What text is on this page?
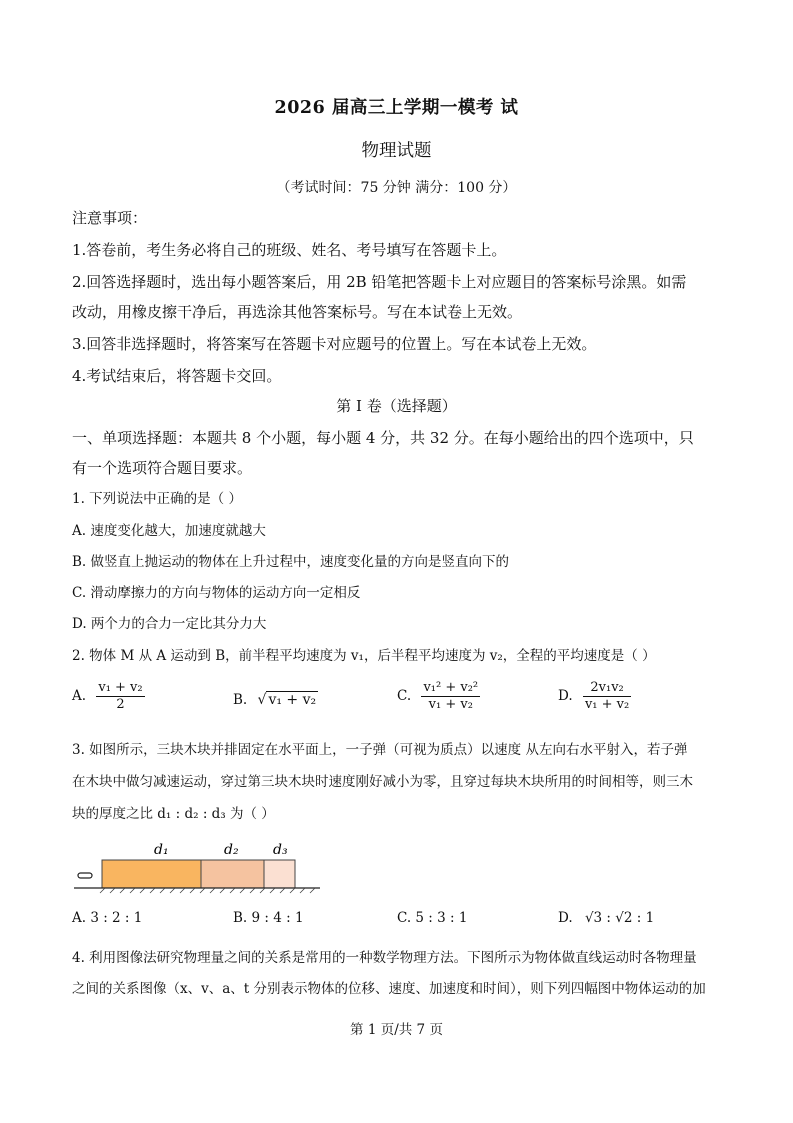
2026 届高三上学期一模考 试
物理试题
（考试时间：75 分钟 满分：100 分）
注意事项：
1.答卷前，考生务必将自己的班级、姓名、考号填写在答题卡上。
2.回答选择题时，选出每小题答案后，用 2B 铅笔把答题卡上对应题目的答案标号涂黑。如需
改动，用橡皮擦干净后，再选涂其他答案标号。写在本试卷上无效。
3.回答非选择题时，将答案写在答题卡对应题号的位置上。写在本试卷上无效。
4.考试结束后，将答题卡交回。
第 I 卷（选择题）
一、单项选择题：本题共 8 个小题，每小题 4 分，共 32 分。在每小题给出的四个选项中，只
有一个选项符合题目要求。
1. 下列说法中正确的是（ ）
A. 速度变化越大，加速度就越大
B. 做竖直上抛运动的物体在上升过程中，速度变化量的方向是竖直向下的
C. 滑动摩擦力的方向与物体的运动方向一定相反
D. 两个力的合力一定比其分力大
2. 物体 M 从 A 运动到 B，前半程平均速度为 v₁，后半程平均速度为 v₂，全程的平均速度是（ ）
A. $\frac{\text{v₁ + v₂}}{2}$	B. √ v₁ + v₂	C. $\frac{\text{v₁² + v₂²}}{\text{v₁ + v₂}}$	D. $\frac{\text{2v₁v₂}}{\text{v₁ + v₂}}$
3. 如图所示，三块木块并排固定在水平面上，一子弹（可视为质点）以速度 从左向右水平射入，若子弹
在木块中做匀减速运动，穿过第三块木块时速度刚好减小为零，且穿过每块木块所用的时间相等，则三木
块的厚度之比 d₁ : d₂ : d₃ 为（ ）
d₁	d₂ d₃
A. 3 : 2 : 1	B. 9 : 4 : 1	C. 5 : 3 : 1	D. √3 : √2 : 1
4. 利用图像法研究物理量之间的关系是常用的一种数学物理方法。下图所示为物体做直线运动时各物理量
之间的关系图像（x、v、a、t 分别表示物体的位移、速度、加速度和时间），则下列四幅图中物体运动的加
第 1 页/共 7 页
